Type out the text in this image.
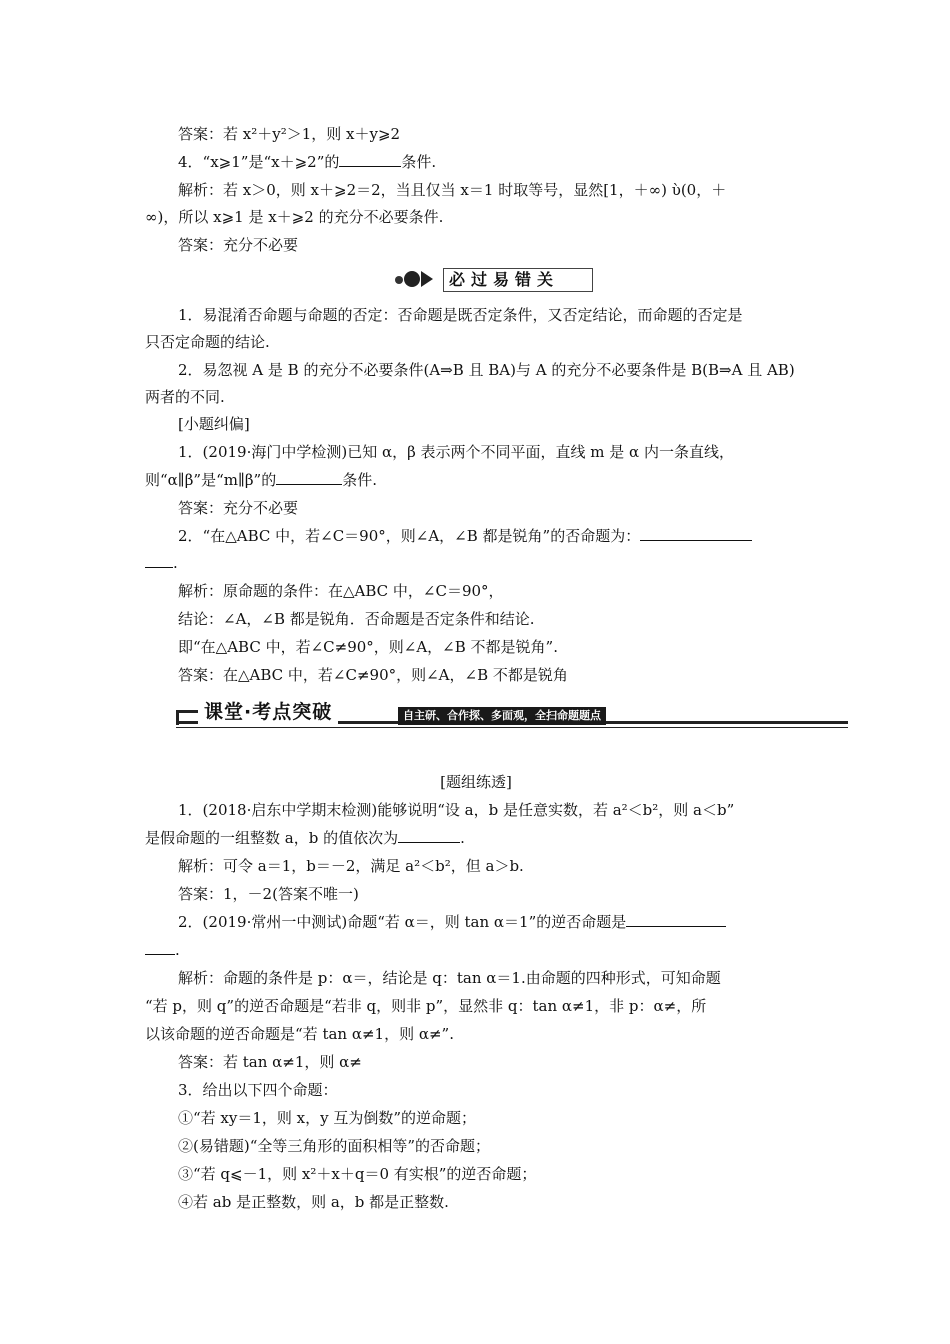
答案：若 x²＋y²＞1，则 x＋y⩾2
4．“x⩾1”是“x＋⩾2”的	条件.
解析：若 x＞0，则 x＋⩾2＝2，当且仅当 x＝1 时取等号，显然[1，＋∞) ὺ(0，＋
∞)，所以 x⩾1 是 x＋⩾2 的充分不必要条件.
答案：充分不必要
必过易错关
1．易混淆否命题与命题的否定：否命题是既否定条件，又否定结论，而命题的否定是
只否定命题的结论.
2．易忽视 A 是 B 的充分不必要条件(A⇒B 且 BA)与 A 的充分不必要条件是 B(B⇒A 且 AB)
两者的不同.
[小题纠偏]
1．(2019·海门中学检测)已知 α，β 表示两个不同平面，直线 m 是 α 内一条直线，
则“α∥β”是“m∥β”的	条件.
答案：充分不必要
2．“在△ABC 中，若∠C＝90°，则∠A，∠B 都是锐角”的否命题为：
.
解析：原命题的条件：在△ABC 中，∠C＝90°，
结论：∠A，∠B 都是锐角．否命题是否定条件和结论.
即“在△ABC 中，若∠C≠90°，则∠A，∠B 不都是锐角”.
答案：在△ABC 中，若∠C≠90°，则∠A，∠B 不都是锐角
课堂·考点突破	自主研、合作探、多面观，全扫命题题点
[题组练透]
1．(2018·启东中学期末检测)能够说明“设 a，b 是任意实数，若 a²＜b²，则 a＜b”
是假命题的一组整数 a，b 的值依次为	.
解析：可令 a＝1，b＝－2，满足 a²＜b²，但 a＞b.
答案：1，－2(答案不唯一)
2．(2019·常州一中测试)命题“若 α＝，则 tan α＝1”的逆否命题是
.
解析：命题的条件是 p：α＝，结论是 q：tan α＝1.由命题的四种形式，可知命题
“若 p，则 q”的逆否命题是“若非 q，则非 p”，显然非 q：tan α≠1，非 p：α≠，所
以该命题的逆否命题是“若 tan α≠1，则 α≠”.
答案：若 tan α≠1，则 α≠
3．给出以下四个命题：
①“若 xy＝1，则 x，y 互为倒数”的逆命题；
②(易错题)“全等三角形的面积相等”的否命题；
③“若 q⩽－1，则 x²＋x＋q＝0 有实根”的逆否命题；
④若 ab 是正整数，则 a，b 都是正整数.
